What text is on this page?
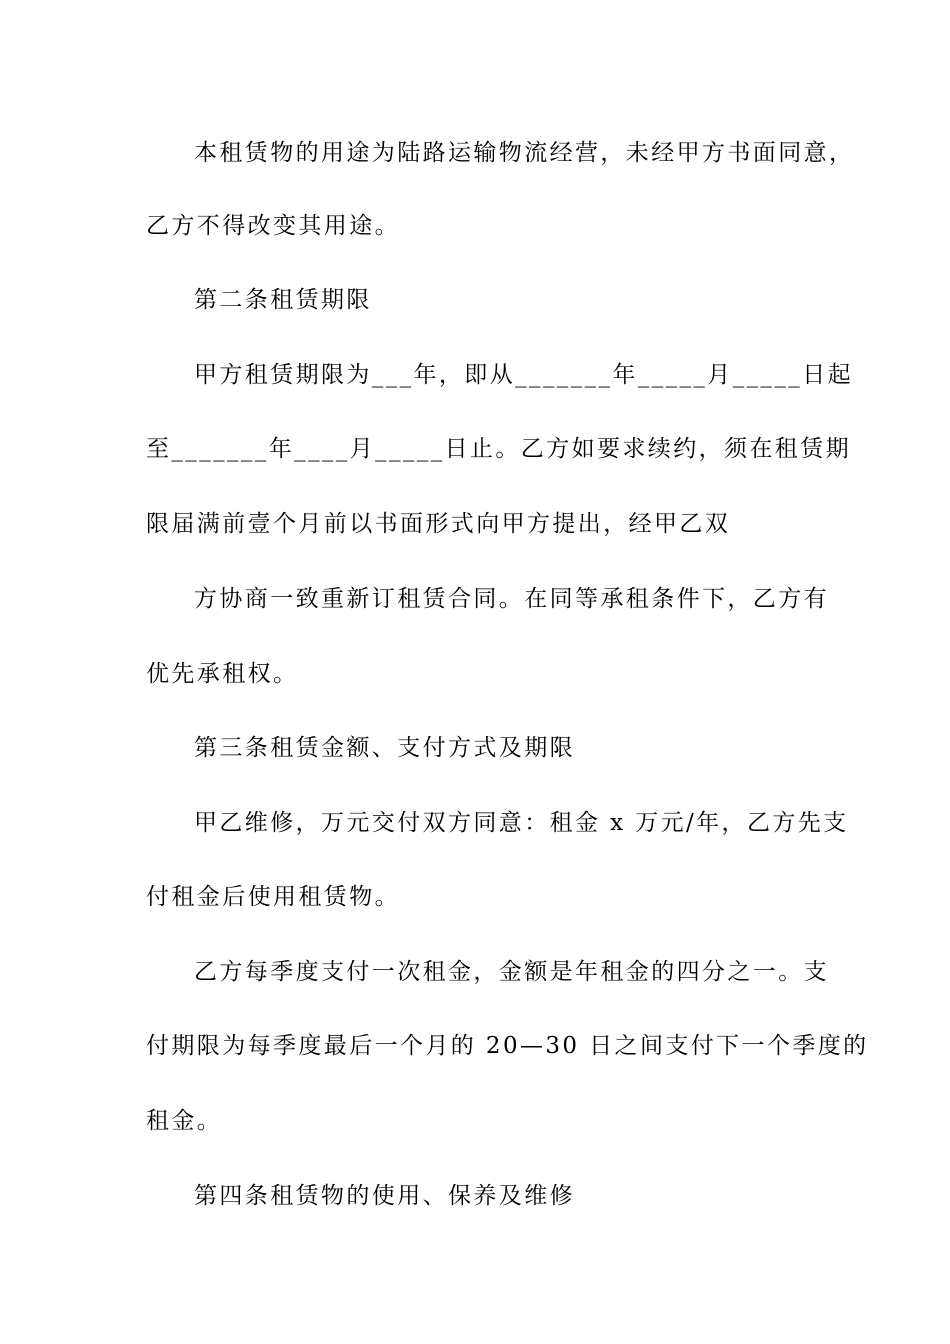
本租赁物的用途为陆路运输物流经营，未经甲方书面同意，
乙方不得改变其用途。
第二条租赁期限
甲方租赁期限为___年，即从_______年_____月_____日起
至_______年____月_____日止。乙方如要求续约，须在租赁期
限届满前壹个月前以书面形式向甲方提出，经甲乙双
方协商一致重新订租赁合同。在同等承租条件下，乙方有
优先承租权。
第三条租赁金额、支付方式及期限
甲乙维修，万元交付双方同意：租金 x 万元/年，乙方先支
付租金后使用租赁物。
乙方每季度支付一次租金，金额是年租金的四分之一。支
付期限为每季度最后一个月的 20—30 日之间支付下一个季度的
租金。
第四条租赁物的使用、保养及维修
